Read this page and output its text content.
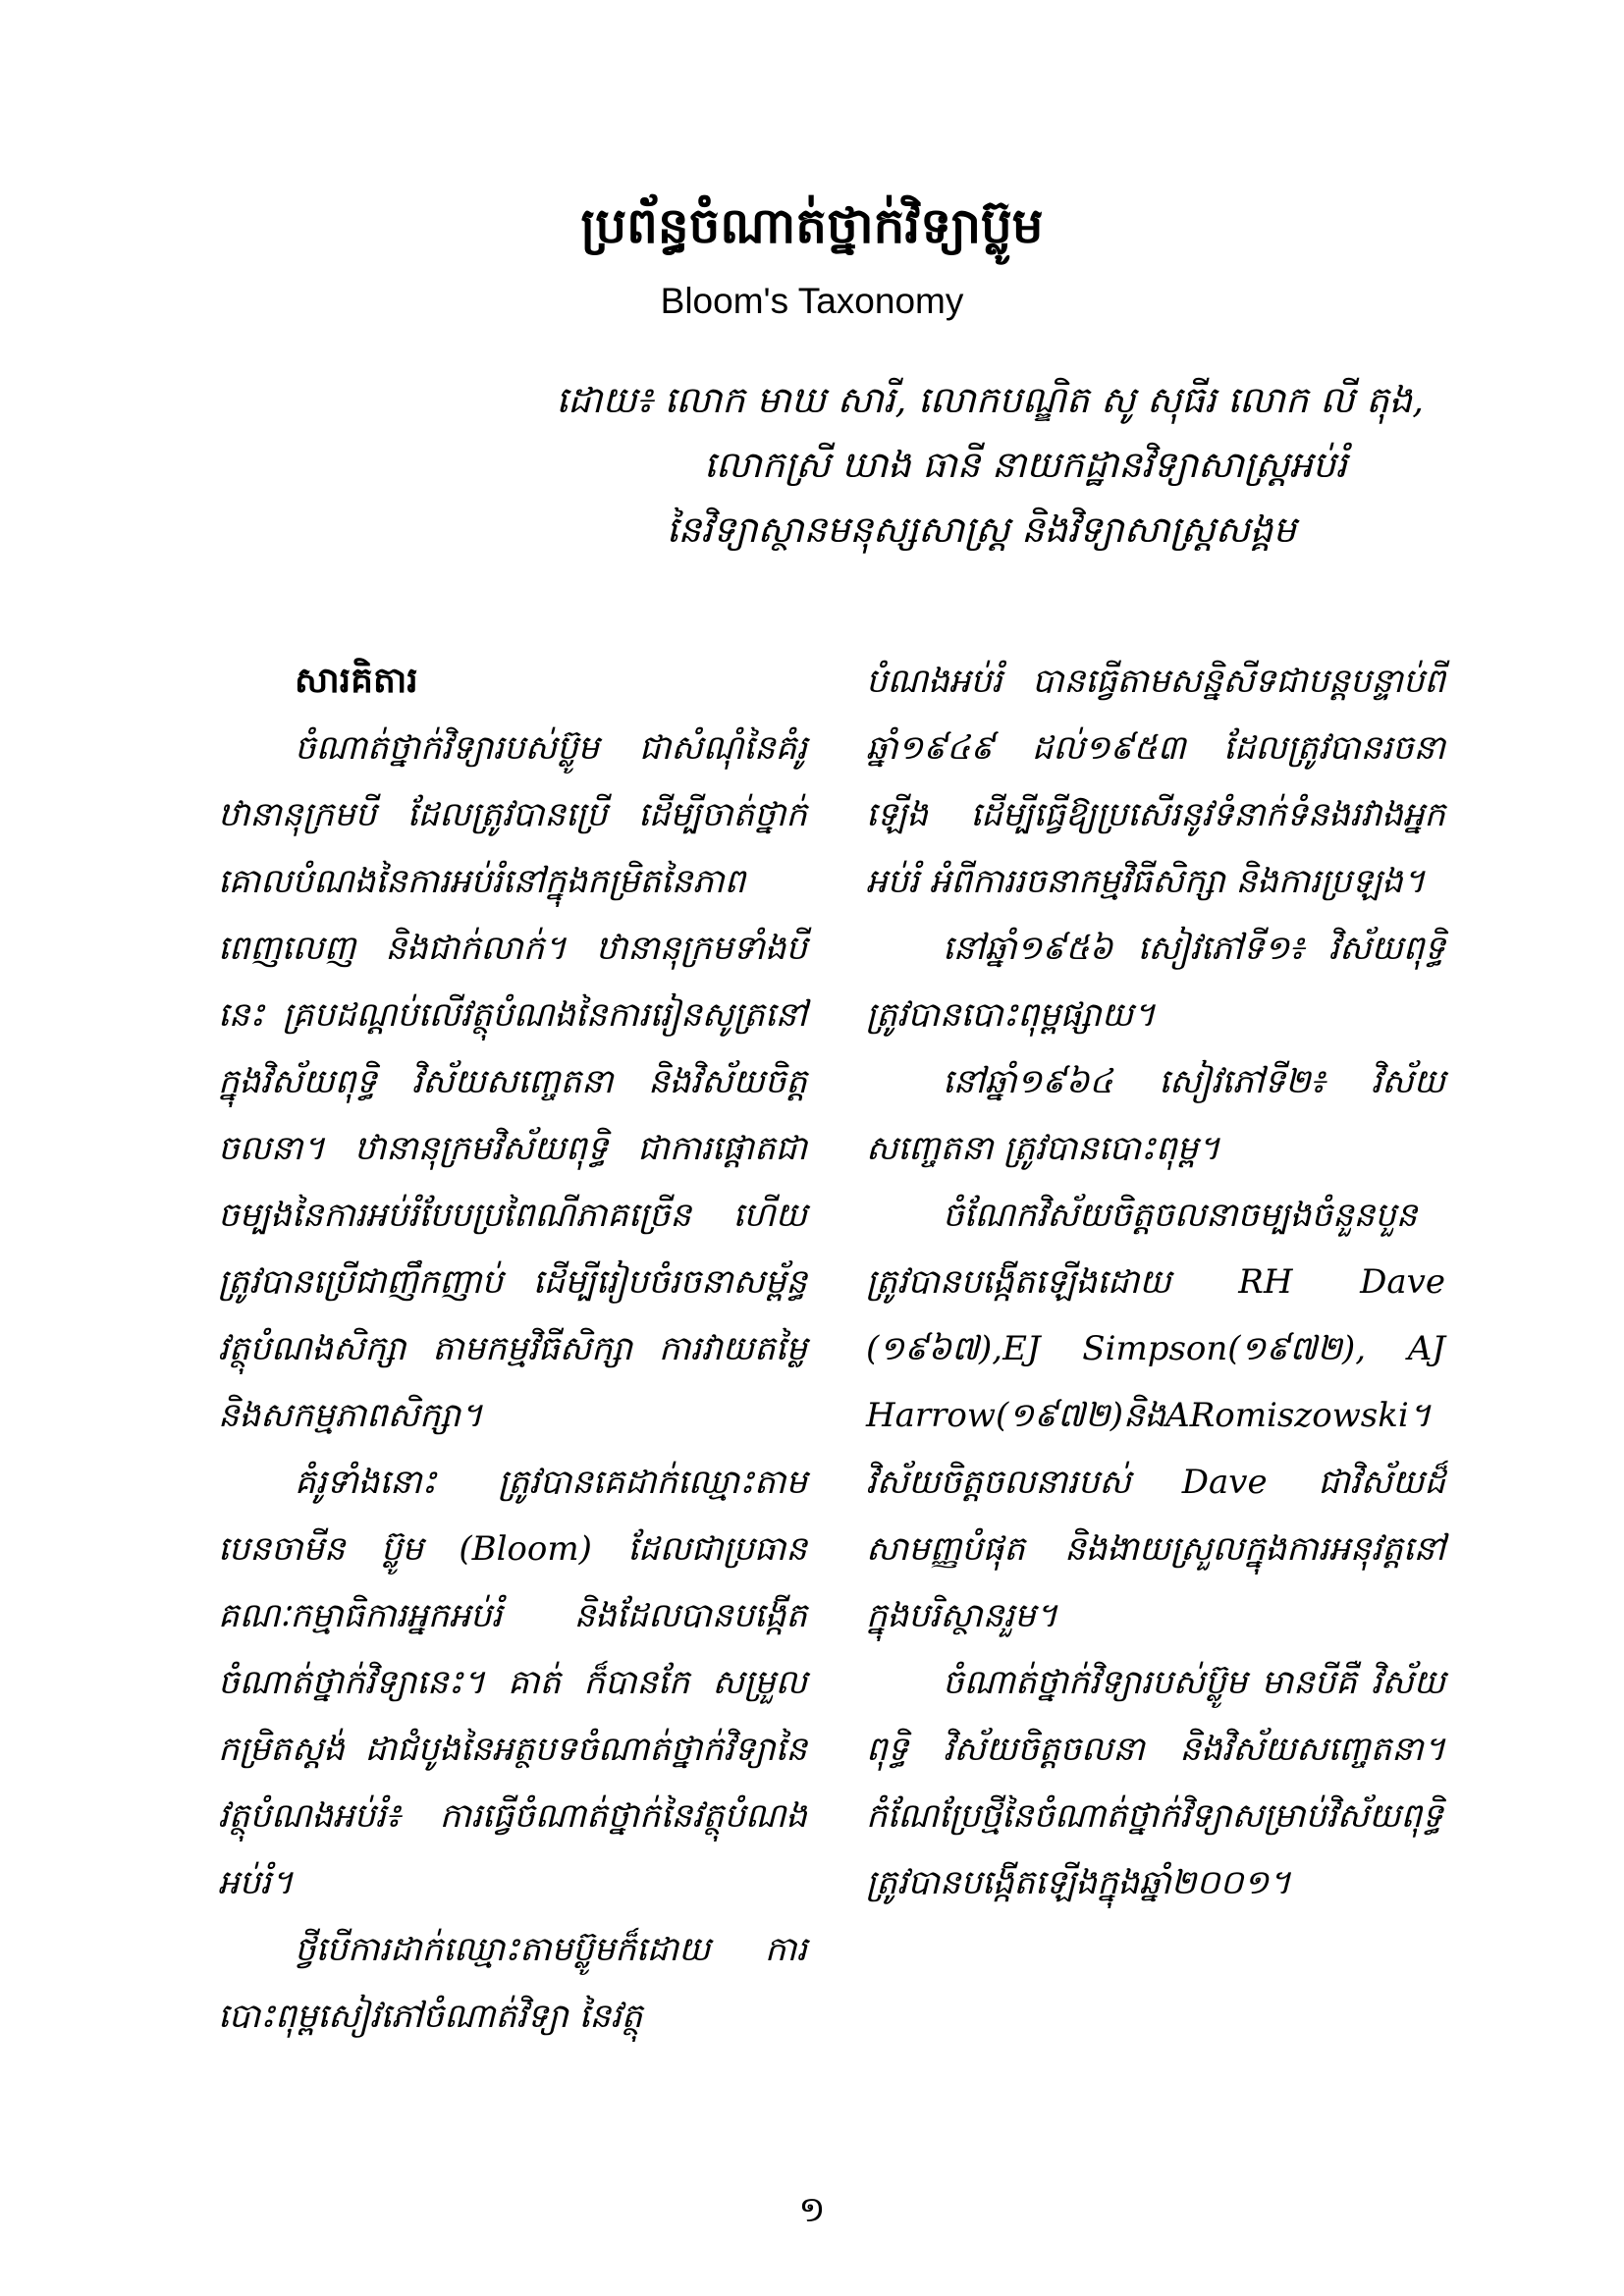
ប្រព័ន្ធចំណាត់ថ្នាក់វិទ្យាប៊្លូម
Bloom's Taxonomy
ដោយ៖ លោក មាឃ សារី, លោកបណ្ឌិត សូ សុធីរ លោក លី តុង,
លោកស្រី ឃាង ធានី នាយកដ្ឋានវិទ្យាសាស្ត្រអប់រំ
នៃវិទ្យាស្ថានមនុស្សសាស្ត្រ និងវិទ្យាសាស្ត្រសង្គម
សារគិតារ

ចំណាត់ថ្នាក់វិទ្យារបស់ប៊្លូម ជាសំណុំនៃគំរូឋានានុក្រមបី ដែលត្រូវបានប្រើ ដើម្បីចាត់ថ្នាក់គោលបំណងនៃការអប់រំនៅក្នុងកម្រិតនៃភាពពេញលេញ និងជាក់លាក់។ ឋានានុក្រមទាំងបីនេះ គ្របដណ្តប់លើវត្ថុបំណងនៃការរៀនសូត្រនៅក្នុងវិស័យពុទ្ធិ វិស័យសញ្ចេតនា និងវិស័យចិត្តចលនា។ ឋានានុក្រមវិស័យពុទ្ធិ ជាការផ្តោតជាចម្បងនៃការអប់រំបែបប្រពៃណីភាគច្រើន ហើយត្រូវបានប្រើជាញឹកញាប់ ដើម្បីរៀបចំរចនាសម្ព័ន្ធវត្ថុបំណងសិក្សា តាមកម្មវិធីសិក្សា ការវាយតម្លៃ និងសកម្មភាពសិក្សា។

គំរូទាំងនោះ ត្រូវបានគេដាក់ឈ្មោះតាម បេនចាមីន ប៊្លូម (Bloom) ដែលជាប្រធានគណៈកម្មាធិការអ្នកអប់រំ និងដែលបានបង្កើតចំណាត់ថ្នាក់វិទ្យានេះ។ គាត់ ក៏បានកែ សម្រួលកម្រិតស្តង់ ដាជំបូងនៃអត្ថបទចំណាត់ថ្នាក់វិទ្យានៃវត្ថុបំណងអប់រំ៖ ការធ្វើចំណាត់ថ្នាក់នៃវត្ថុបំណងអប់រំ។

ថ្វីបើការដាក់ឈ្មោះតាមប៊្លូមក៏ដោយ ការបោះពុម្ពសៀវភៅចំណាត់វិទ្យា នៃវត្ថុ

បំណងអប់រំ បានធ្វើតាមសន្និសីទជាបន្តបន្ទាប់ពីឆ្នាំ១៩៤៩ ដល់១៩៥៣ ដែលត្រូវបានរចនាឡើង ដើម្បីធ្វើឱ្យប្រសើរនូវទំនាក់ទំនងរវាងអ្នកអប់រំ អំពីការរចនាកម្មវិធីសិក្សា និងការប្រឡង។

នៅឆ្នាំ១៩៥៦ សៀវភៅទី១៖ វិស័យពុទ្ធិ ត្រូវបានបោះពុម្ពផ្សាយ។

នៅឆ្នាំ១៩៦៤ សៀវភៅទី២៖ វិស័យសញ្ចេតនា ត្រូវបានបោះពុម្ព។

ចំណែកវិស័យចិត្តចលនាចម្បងចំនួនបួន ត្រូវបានបង្កើតឡើងដោយ RH Dave (១៩៦៧),EJ Simpson(១៩៧២), AJ Harrow(១៩៧២)និងARomiszowski។វិស័យចិត្តចលនារបស់ Dave ជាវិស័យដ៏សាមញ្ញបំផុត និងងាយស្រួលក្នុងការអនុវត្តនៅក្នុងបរិស្ថានរួម។

ចំណាត់ថ្នាក់វិទ្យារបស់ប៊្លូម មានបីគឺ វិស័យពុទ្ធិ វិស័យចិត្តចលនា និងវិស័យសញ្ចេតនា។ កំណែប្រែថ្មីនៃចំណាត់ថ្នាក់វិទ្យាសម្រាប់វិស័យពុទ្ធិ ត្រូវបានបង្កើតឡើងក្នុងឆ្នាំ២០០១។

១
